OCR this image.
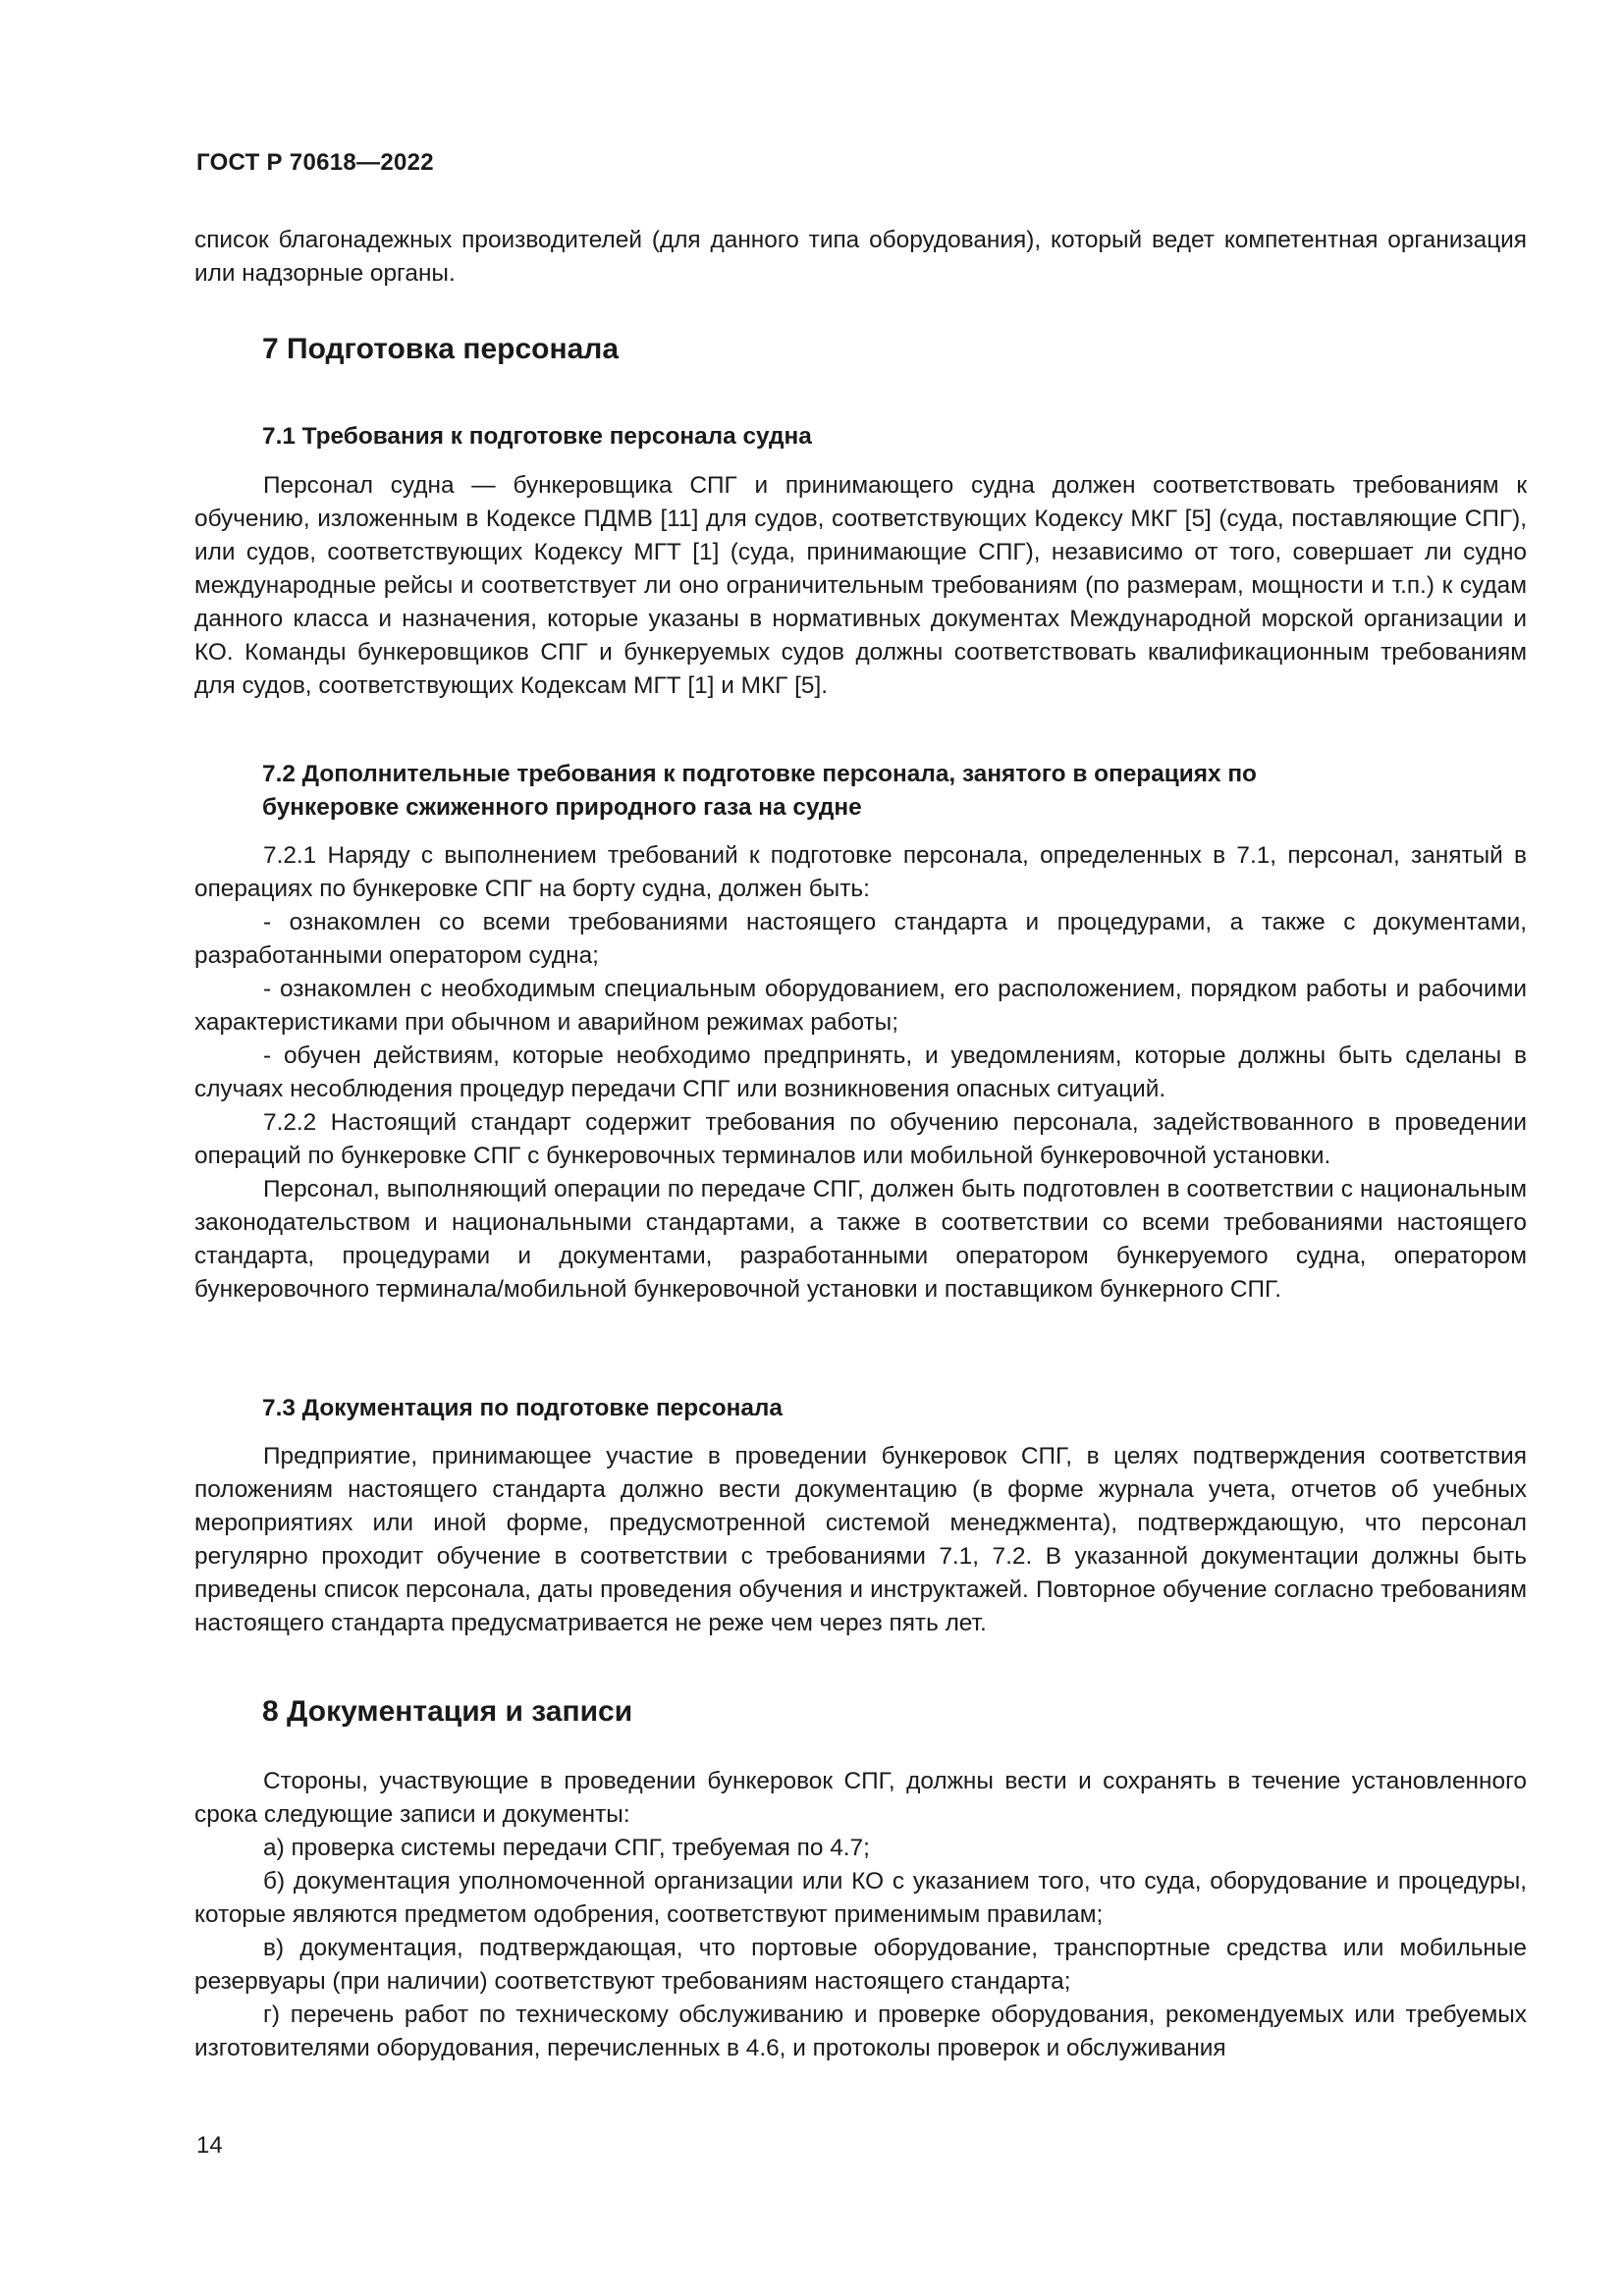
ГОСТ Р 70618—2022

список благонадежных производителей (для данного типа оборудования), который ведет компетентная организация или надзорные органы.

7 Подготовка персонала
7.1 Требования к подготовке персонала судна

Персонал судна — бункеровщика СПГ и принимающего судна должен соответствовать требованиям к обучению, изложенным в Кодексе ПДМВ [11] для судов, соответствующих Кодексу МКГ [5] (суда, поставляющие СПГ), или судов, соответствующих Кодексу МГТ [1] (суда, принимающие СПГ), независимо от того, совершает ли судно международные рейсы и соответствует ли оно ограничительным требованиям (по размерам, мощности и т.п.) к судам данного класса и назначения, которые указаны в нормативных документах Международной морской организации и КО. Команды бункеровщиков СПГ и бункеруемых судов должны соответствовать квалификационным требованиям для судов, соответствующих Кодексам МГТ [1] и МКГ [5].

7.2 Дополнительные требования к подготовке персонала, занятого в операциях по
бункеровке сжиженного природного газа на судне

7.2.1 Наряду с выполнением требований к подготовке персонала, определенных в 7.1, персонал, занятый в операциях по бункеровке СПГ на борту судна, должен быть:

- ознакомлен со всеми требованиями настоящего стандарта и процедурами, а также с документами, разработанными оператором судна;

- ознакомлен с необходимым специальным оборудованием, его расположением, порядком работы и рабочими характеристиками при обычном и аварийном режимах работы;

- обучен действиям, которые необходимо предпринять, и уведомлениям, которые должны быть сделаны в случаях несоблюдения процедур передачи СПГ или возникновения опасных ситуаций.

7.2.2 Настоящий стандарт содержит требования по обучению персонала, задействованного в проведении операций по бункеровке СПГ с бункеровочных терминалов или мобильной бункеровочной установки.

Персонал, выполняющий операции по передаче СПГ, должен быть подготовлен в соответствии с национальным законодательством и национальными стандартами, а также в соответствии со всеми требованиями настоящего стандарта, процедурами и документами, разработанными оператором бункеруемого судна, оператором бункеровочного терминала/мобильной бункеровочной установки и поставщиком бункерного СПГ.

7.3 Документация по подготовке персонала

Предприятие, принимающее участие в проведении бункеровок СПГ, в целях подтверждения соответствия положениям настоящего стандарта должно вести документацию (в форме журнала учета, отчетов об учебных мероприятиях или иной форме, предусмотренной системой менеджмента), подтверждающую, что персонал регулярно проходит обучение в соответствии с требованиями 7.1, 7.2. В указанной документации должны быть приведены список персонала, даты проведения обучения и инструктажей. Повторное обучение согласно требованиям настоящего стандарта предусматривается не реже чем через пять лет.

8 Документация и записи

Стороны, участвующие в проведении бункеровок СПГ, должны вести и сохранять в течение установленного срока следующие записи и документы:

а) проверка системы передачи СПГ, требуемая по 4.7;

б) документация уполномоченной организации или КО с указанием того, что суда, оборудование и процедуры, которые являются предметом одобрения, соответствуют применимым правилам;

в) документация, подтверждающая, что портовые оборудование, транспортные средства или мобильные резервуары (при наличии) соответствуют требованиям настоящего стандарта;

г) перечень работ по техническому обслуживанию и проверке оборудования, рекомендуемых или требуемых изготовителями оборудования, перечисленных в 4.6, и протоколы проверок и обслуживания

14
